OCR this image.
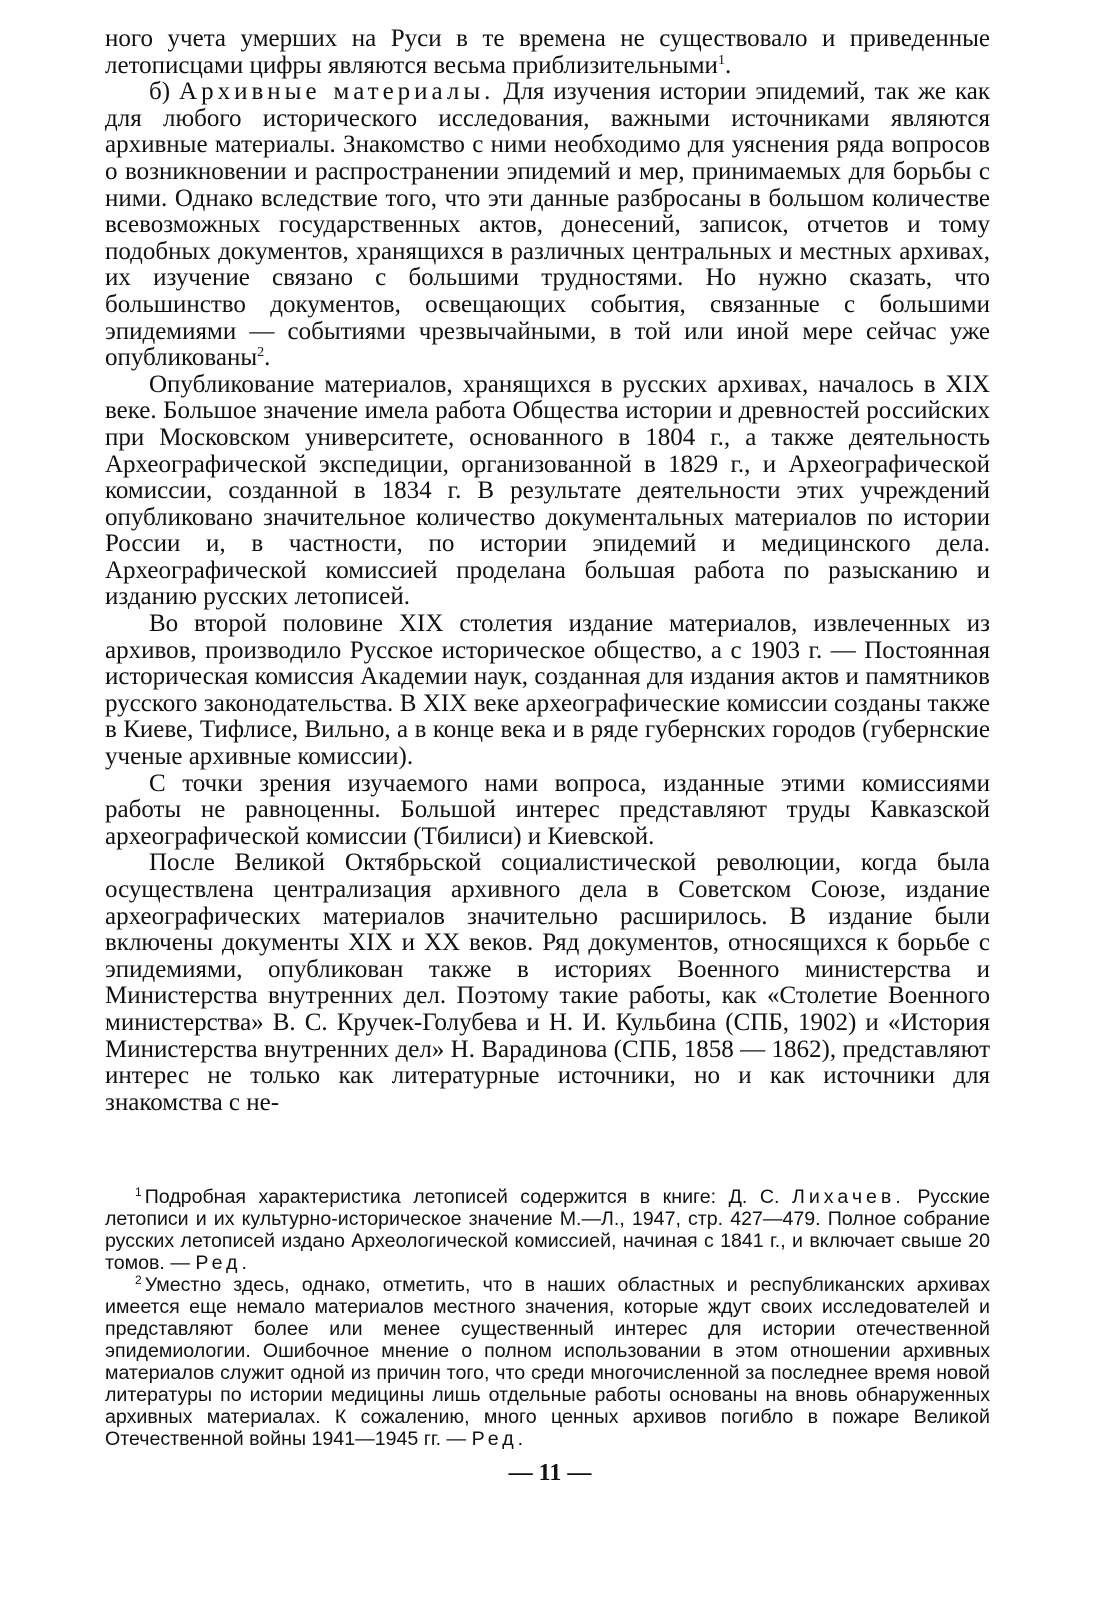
ного учета умерших на Руси в те времена не существовало и приведенные летописцами цифры являются весьма приблизительными$^1$.

б) Архивные материалы. Для изучения истории эпидемий, так же как для любого исторического исследования, важными источниками являются архивные материалы. Знакомство с ними необходимо для уяснения ряда вопросов о возникновении и распространении эпидемий и мер, принимаемых для борьбы с ними. Однако вследствие того, что эти данные разбросаны в большом количестве всевозможных государственных актов, донесений, записок, отчетов и тому подобных документов, хранящихся в различных центральных и местных архивах, их изучение связано с большими трудностями. Но нужно сказать, что большинство документов, освещающих события, связанные с большими эпидемиями — событиями чрезвычайными, в той или иной мере сейчас уже опубликованы$^2$.

Опубликование материалов, хранящихся в русских архивах, началось в XIX веке. Большое значение имела работа Общества истории и древностей российских при Московском университете, основанного в 1804 г., а также деятельность Археографической экспедиции, организованной в 1829 г., и Археографической комиссии, созданной в 1834 г. В результате деятельности этих учреждений опубликовано значительное количество документальных материалов по истории России и, в частности, по истории эпидемий и медицинского дела. Археографической комиссией проделана большая работа по разысканию и изданию русских летописей.

Во второй половине XIX столетия издание материалов, извлеченных из архивов, производило Русское историческое общество, а с 1903 г. — Постоянная историческая комиссия Академии наук, созданная для издания актов и памятников русского законодательства. В XIX веке археографические комиссии созданы также в Киеве, Тифлисе, Вильно, а в конце века и в ряде губернских городов (губернские ученые архивные комиссии).

С точки зрения изучаемого нами вопроса, изданные этими комиссиями работы не равноценны. Большой интерес представляют труды Кавказской археографической комиссии (Тбилиси) и Киевской.

После Великой Октябрьской социалистической революции, когда была осуществлена централизация архивного дела в Советском Союзе, издание археографических материалов значительно расширилось. В издание были включены документы XIX и XX веков. Ряд документов, относящихся к борьбе с эпидемиями, опубликован также в историях Военного министерства и Министерства внутренних дел. Поэтому такие работы, как «Столетие Военного министерства» В. С. Кручек-Голубева и Н. И. Кульбина (СПБ, 1902) и «История Министерства внутренних дел» Н. Варадинова (СПБ, 1858 — 1862), представляют интерес не только как литературные источники, но и как источники для знакомства с не-

$^1$ Подробная характеристика летописей содержится в книге: Д. С. Лихачев. Русские летописи и их культурно-историческое значение М.—Л., 1947, стр. 427—479. Полное собрание русских летописей издано Археологической комиссией, начиная с 1841 г., и включает свыше 20 томов. — Ред.

$^2$ Уместно здесь, однако, отметить, что в наших областных и республиканских архивах имеется еще немало материалов местного значения, которые ждут своих исследователей и представляют более или менее существенный интерес для истории отечественной эпидемиологии. Ошибочное мнение о полном использовании в этом отношении архивных материалов служит одной из причин того, что среди многочисленной за последнее время новой литературы по истории медицины лишь отдельные работы основаны на вновь обнаруженных архивных материалах. К сожалению, много ценных архивов погибло в пожаре Великой Отечественной войны 1941—1945 гг. — Ред.

— 11 —
